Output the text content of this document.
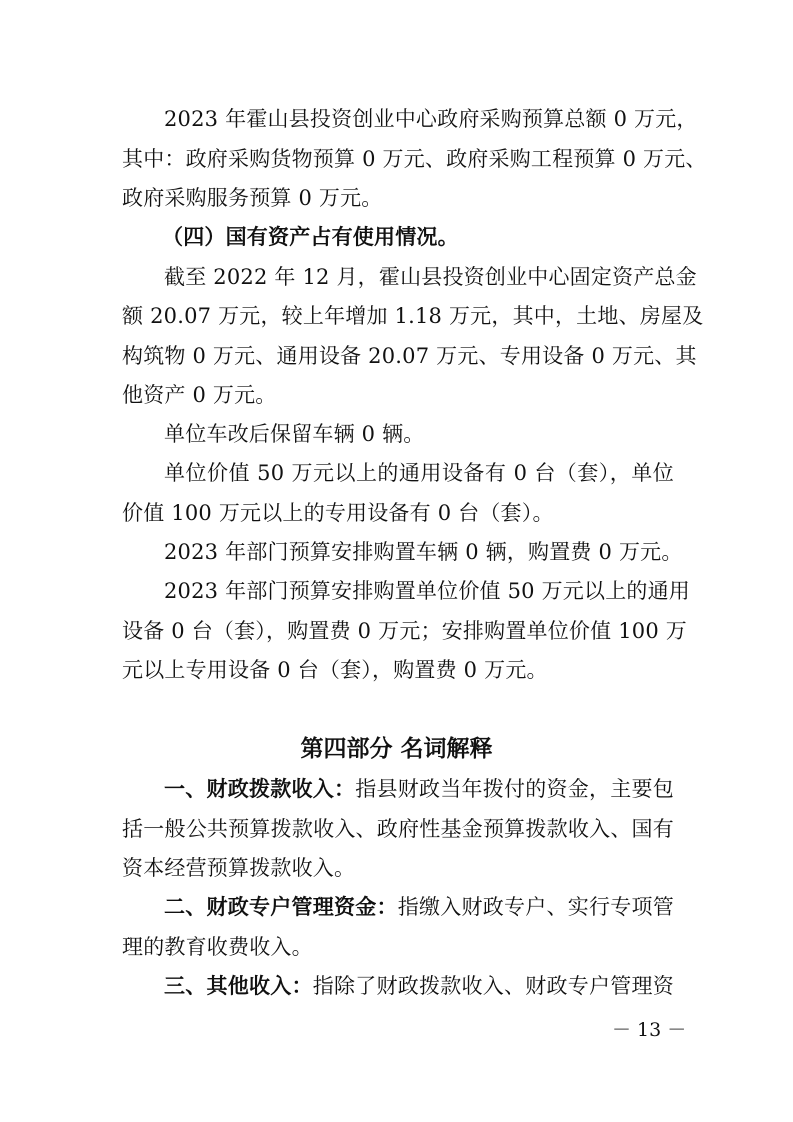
2023 年霍山县投资创业中心政府采购预算总额 0 万元，
其中：政府采购货物预算 0 万元、政府采购工程预算 0 万元、
政府采购服务预算 0 万元。
（四）国有资产占有使用情况。
截至 2022 年 12 月，霍山县投资创业中心固定资产总金
额 20.07 万元，较上年增加 1.18 万元，其中，土地、房屋及
构筑物 0 万元、通用设备 20.07 万元、专用设备 0 万元、其
他资产 0 万元。
单位车改后保留车辆 0 辆。
单位价值 50 万元以上的通用设备有 0 台（套），单位
价值 100 万元以上的专用设备有 0 台（套）。
2023 年部门预算安排购置车辆 0 辆，购置费 0 万元。
2023 年部门预算安排购置单位价值 50 万元以上的通用
设备 0 台（套），购置费 0 万元；安排购置单位价值 100 万
元以上专用设备 0 台（套），购置费 0 万元。
第四部分 名词解释
一、财政拨款收入：指县财政当年拨付的资金，主要包
括一般公共预算拨款收入、政府性基金预算拨款收入、国有
资本经营预算拨款收入。
二、财政专户管理资金：指缴入财政专户、实行专项管
理的教育收费收入。
三、其他收入：指除了财政拨款收入、财政专户管理资
－ 13 －
